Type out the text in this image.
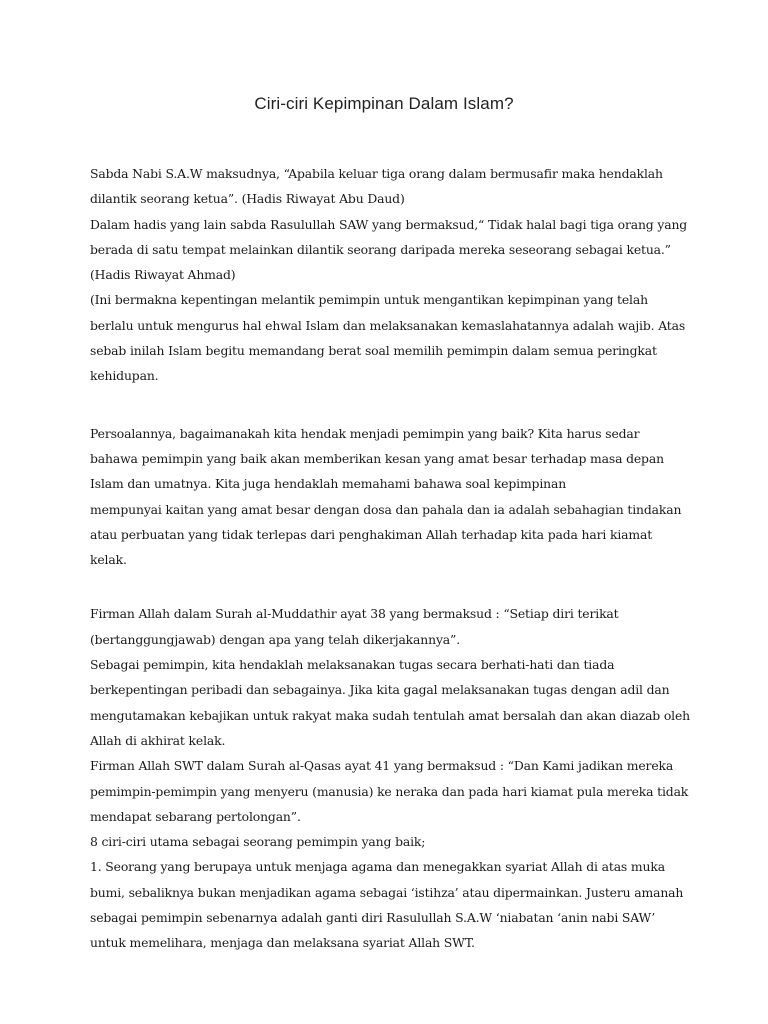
Ciri-ciri Kepimpinan Dalam Islam?

Sabda Nabi S.A.W maksudnya, “Apabila keluar tiga orang dalam bermusafir maka hendaklah dilantik seorang ketua”. (Hadis Riwayat Abu Daud)

Dalam hadis yang lain sabda Rasulullah SAW yang bermaksud,“ Tidak halal bagi tiga orang yang berada di satu tempat melainkan dilantik seorang daripada mereka seseorang sebagai ketua.” (Hadis Riwayat Ahmad)

(Ini bermakna kepentingan melantik pemimpin untuk mengantikan kepimpinan yang telah berlalu untuk mengurus hal ehwal Islam dan melaksanakan kemaslahatannya adalah wajib. Atas sebab inilah Islam begitu memandang berat soal memilih pemimpin dalam semua peringkat kehidupan.

Persoalannya, bagaimanakah kita hendak menjadi pemimpin yang baik? Kita harus sedar bahawa pemimpin yang baik akan memberikan kesan yang amat besar terhadap masa depan Islam dan umatnya. Kita juga hendaklah memahami bahawa soal kepimpinan

mempunyai kaitan yang amat besar dengan dosa dan pahala dan ia adalah sebahagian tindakan atau perbuatan yang tidak terlepas dari penghakiman Allah terhadap kita pada hari kiamat kelak.

Firman Allah dalam Surah al-Muddathir ayat 38 yang bermaksud : “Setiap diri terikat (bertanggungjawab) dengan apa yang telah dikerjakannya”.

Sebagai pemimpin, kita hendaklah melaksanakan tugas secara berhati-hati dan tiada berkepentingan peribadi dan sebagainya. Jika kita gagal melaksanakan tugas dengan adil dan mengutamakan kebajikan untuk rakyat maka sudah tentulah amat bersalah dan akan diazab oleh Allah di akhirat kelak.

Firman Allah SWT dalam Surah al-Qasas ayat 41 yang bermaksud : “Dan Kami jadikan mereka pemimpin-pemimpin yang menyeru (manusia) ke neraka dan pada hari kiamat pula mereka tidak mendapat sebarang pertolongan”.

8 ciri-ciri utama sebagai seorang pemimpin yang baik;

1. Seorang yang berupaya untuk menjaga agama dan menegakkan syariat Allah di atas muka bumi, sebaliknya bukan menjadikan agama sebagai ‘istihza’ atau dipermainkan. Justeru amanah sebagai pemimpin sebenarnya adalah ganti diri Rasulullah S.A.W ‘niabatan ‘anin nabi SAW’ untuk memelihara, menjaga dan melaksana syariat Allah SWT.
